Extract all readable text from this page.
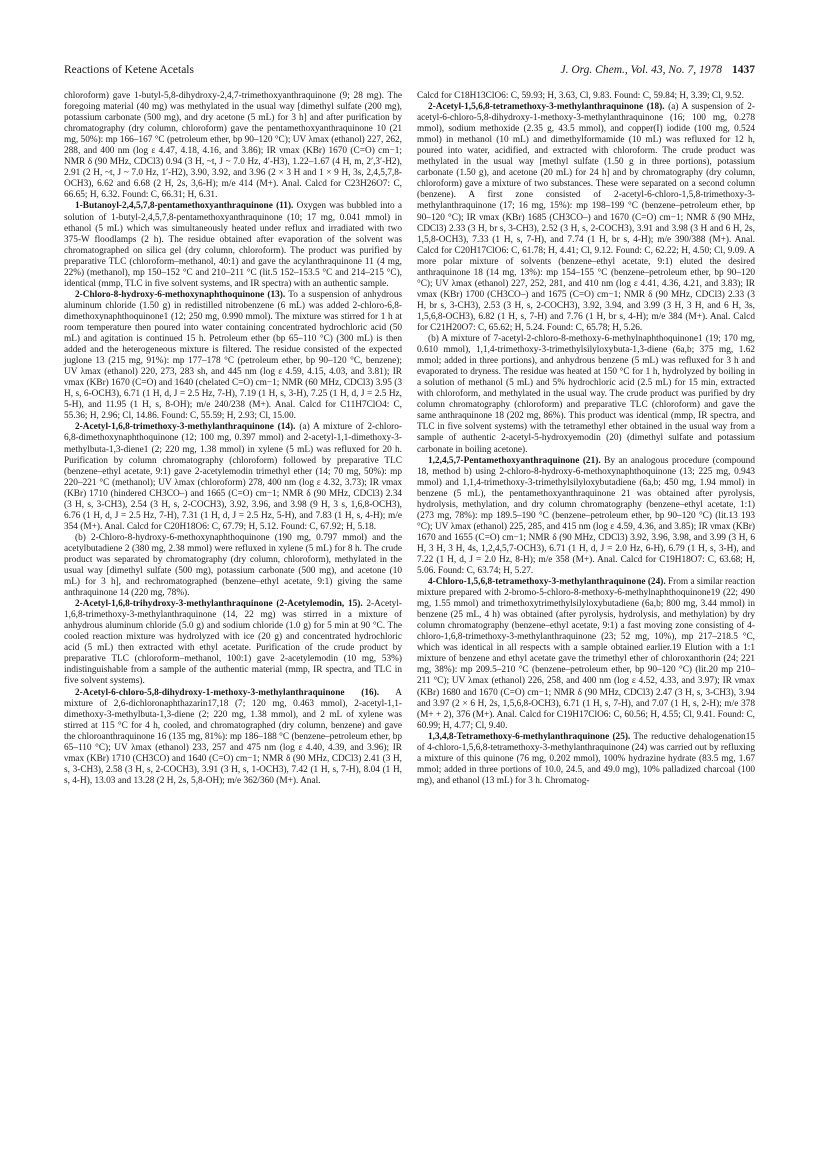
Reactions of Ketene Acetals	J. Org. Chem., Vol. 43, No. 7, 1978 1437

chloroform) gave 1-butyl-5,8-dihydroxy-2,4,7-trimethoxyanthraquinone (9; 28 mg). The foregoing material (40 mg) was methylated in the usual way [dimethyl sulfate (200 mg), potassium carbonate (500 mg), and dry acetone (5 mL) for 3 h] and after purification by chromatography (dry column, chloroform) gave the pentamethoxyanthraquinone 10 (21 mg, 50%): mp 166–167 °C (petroleum ether, bp 90–120 °C); UV λmax (ethanol) 227, 262, 288, and 400 nm (log ε 4.47, 4.18, 4.16, and 3.86); IR νmax (KBr) 1670 (C=O) cm−1; NMR δ (90 MHz, CDCl3) 0.94 (3 H, ~t, J ~ 7.0 Hz, 4′-H3), 1.22–1.67 (4 H, m, 2′,3′-H2), 2.91 (2 H, ~t, J ~ 7.0 Hz, 1′-H2), 3.90, 3.92, and 3.96 (2 × 3 H and 1 × 9 H, 3s, 2,4,5,7,8-OCH3), 6.62 and 6.68 (2 H, 2s, 3,6-H); m/e 414 (M+). Anal. Calcd for C23H26O7: C, 66.65; H, 6.32. Found: C, 66.31; H, 6.31.

1-Butanoyl-2,4,5,7,8-pentamethoxyanthraquinone (11). Oxygen was bubbled into a solution of 1-butyl-2,4,5,7,8-pentamethoxyanthraquinone (10; 17 mg, 0.041 mmol) in ethanol (5 mL) which was simultaneously heated under reflux and irradiated with two 375-W floodlamps (2 h). The residue obtained after evaporation of the solvent was chromatographed on silica gel (dry column, chloroform). The product was purified by preparative TLC (chloroform–methanol, 40:1) and gave the acylanthraquinone 11 (4 mg, 22%) (methanol), mp 150–152 °C and 210–211 °C (lit.5 152–153.5 °C and 214–215 °C), identical (mmp, TLC in five solvent systems, and IR spectra) with an authentic sample.

2-Chloro-8-hydroxy-6-methoxynaphthoquinone (13). To a suspension of anhydrous aluminum chloride (1.50 g) in redistilled nitrobenzene (6 mL) was added 2-chloro-6,8-dimethoxynaphthoquinone1 (12; 250 mg, 0.990 mmol). The mixture was stirred for 1 h at room temperature then poured into water containing concentrated hydrochloric acid (50 mL) and agitation is continued 15 h. Petroleum ether (bp 65–110 °C) (300 mL) is then added and the heterogeneous mixture is filtered. The residue consisted of the expected juglone 13 (215 mg, 91%): mp 177–178 °C (petroleum ether, bp 90–120 °C, benzene); UV λmax (ethanol) 220, 273, 283 sh, and 445 nm (log ε 4.59, 4.15, 4.03, and 3.81); IR νmax (KBr) 1670 (C=O) and 1640 (chelated C=O) cm−1; NMR (60 MHz, CDCl3) 3.95 (3 H, s, 6-OCH3), 6.71 (1 H, d, J = 2.5 Hz, 7-H), 7.19 (1 H, s, 3-H), 7.25 (1 H, d, J = 2.5 Hz, 5-H), and 11.95 (1 H, s, 8-OH); m/e 240/238 (M+). Anal. Calcd for C11H7ClO4: C, 55.36; H, 2.96; Cl, 14.86. Found: C, 55.59; H, 2.93; Cl, 15.00.

2-Acetyl-1,6,8-trimethoxy-3-methylanthraquinone (14). (a) A mixture of 2-chloro-6,8-dimethoxynaphthoquinone (12; 100 mg, 0.397 mmol) and 2-acetyl-1,1-dimethoxy-3-methylbuta-1,3-diene1 (2; 220 mg, 1.38 mmol) in xylene (5 mL) was refluxed for 20 h. Purification by column chromatography (chloroform) followed by preparative TLC (benzene–ethyl acetate, 9:1) gave 2-acetylemodin trimethyl ether (14; 70 mg, 50%): mp 220–221 °C (methanol); UV λmax (chloroform) 278, 400 nm (log ε 4.32, 3.73); IR νmax (KBr) 1710 (hindered CH3CO–) and 1665 (C=O) cm−1; NMR δ (90 MHz, CDCl3) 2.34 (3 H, s, 3-CH3), 2.54 (3 H, s, 2-COCH3), 3.92, 3.96, and 3.98 (9 H, 3 s, 1,6,8-OCH3), 6.76 (1 H, d, J = 2.5 Hz, 7-H), 7.31 (1 H, d, J = 2.5 Hz, 5-H), and 7.83 (1 H, s, 4-H); m/e 354 (M+). Anal. Calcd for C20H18O6: C, 67.79; H, 5.12. Found: C, 67.92; H, 5.18.

(b) 2-Chloro-8-hydroxy-6-methoxynaphthoquinone (190 mg, 0.797 mmol) and the acetylbutadiene 2 (380 mg, 2.38 mmol) were refluxed in xylene (5 mL) for 8 h. The crude product was separated by chromatography (dry column, chloroform), methylated in the usual way [dimethyl sulfate (500 mg), potassium carbonate (500 mg), and acetone (10 mL) for 3 h], and rechromatographed (benzene–ethyl acetate, 9:1) giving the same anthraquinone 14 (220 mg, 78%).

2-Acetyl-1,6,8-trihydroxy-3-methylanthraquinone (2-Acetylemodin, 15). 2-Acetyl-1,6,8-trimethoxy-3-methylanthraquinone (14, 22 mg) was stirred in a mixture of anhydrous aluminum chloride (5.0 g) and sodium chloride (1.0 g) for 5 min at 90 °C. The cooled reaction mixture was hydrolyzed with ice (20 g) and concentrated hydrochloric acid (5 mL) then extracted with ethyl acetate. Purification of the crude product by preparative TLC (chloroform–methanol, 100:1) gave 2-acetylemodin (10 mg, 53%) indistinguishable from a sample of the authentic material (mmp, IR spectra, and TLC in five solvent systems).

2-Acetyl-6-chloro-5,8-dihydroxy-1-methoxy-3-methylanthraquinone (16). A mixture of 2,6-dichloronaphthazarin17,18 (7; 120 mg, 0.463 mmol), 2-acetyl-1,1-dimethoxy-3-methylbuta-1,3-diene (2; 220 mg, 1.38 mmol), and 2 mL of xylene was stirred at 115 °C for 4 h, cooled, and chromatographed (dry column, benzene) and gave the chloroanthraquinone 16 (135 mg, 81%): mp 186–188 °C (benzene–petroleum ether, bp 65–110 °C); UV λmax (ethanol) 233, 257 and 475 nm (log ε 4.40, 4.39, and 3.96); IR νmax (KBr) 1710 (CH3CO) and 1640 (C=O) cm−1; NMR δ (90 MHz, CDCl3) 2.41 (3 H, s, 3-CH3), 2.58 (3 H, s, 2-COCH3), 3.91 (3 H, s, 1-OCH3), 7.42 (1 H, s, 7-H), 8.04 (1 H, s, 4-H), 13.03 and 13.28 (2 H, 2s, 5,8-OH); m/e 362/360 (M+). Anal.

Calcd for C18H13ClO6: C, 59.93; H, 3.63, Cl, 9.83. Found: C, 59.84; H, 3.39; Cl, 9.52.

2-Acetyl-1,5,6,8-tetramethoxy-3-methylanthraquinone (18). (a) A suspension of 2-acetyl-6-chloro-5,8-dihydroxy-1-methoxy-3-methylanthraquinone (16; 100 mg, 0.278 mmol), sodium methoxide (2.35 g, 43.5 mmol), and copper(I) iodide (100 mg, 0.524 mmol) in methanol (10 mL) and dimethylformamide (10 mL) was refluxed for 12 h, poured into water, acidified, and extracted with chloroform. The crude product was methylated in the usual way [methyl sulfate (1.50 g in three portions), potassium carbonate (1.50 g), and acetone (20 mL) for 24 h] and by chromatography (dry column, chloroform) gave a mixture of two substances. These were separated on a second column (benzene). A first zone consisted of 2-acetyl-6-chloro-1,5,8-trimethoxy-3-methylanthraquinone (17; 16 mg, 15%): mp 198–199 °C (benzene–petroleum ether, bp 90–120 °C); IR νmax (KBr) 1685 (CH3CO–) and 1670 (C=O) cm−1; NMR δ (90 MHz, CDCl3) 2.33 (3 H, br s, 3-CH3), 2.52 (3 H, s, 2-COCH3), 3.91 and 3.98 (3 H and 6 H, 2s, 1,5,8-OCH3), 7.33 (1 H, s, 7-H), and 7.74 (1 H, br s, 4-H); m/e 390/388 (M+). Anal. Calcd for C20H17ClO6: C, 61.78; H, 4.41; Cl, 9.12. Found: C, 62.22; H, 4.50; Cl, 9.09. A more polar mixture of solvents (benzene–ethyl acetate, 9:1) eluted the desired anthraquinone 18 (14 mg, 13%): mp 154–155 °C (benzene–petroleum ether, bp 90–120 °C); UV λmax (ethanol) 227, 252, 281, and 410 nm (log ε 4.41, 4.36, 4.21, and 3.83); IR νmax (KBr) 1700 (CH3CO–) and 1675 (C=O) cm−1; NMR δ (90 MHz, CDCl3) 2.33 (3 H, br s, 3-CH3), 2.53 (3 H, s, 2-COCH3), 3.92, 3.94, and 3.99 (3 H, 3 H, and 6 H, 3s, 1,5,6,8-OCH3), 6.82 (1 H, s, 7-H) and 7.76 (1 H, br s, 4-H); m/e 384 (M+). Anal. Calcd for C21H20O7: C, 65.62; H, 5.24. Found: C, 65.78; H, 5.26.

(b) A mixture of 7-acetyl-2-chloro-8-methoxy-6-methylnaphthoquinone1 (19; 170 mg, 0.610 mmol), 1,1,4-trimethoxy-3-trimethylsilyloxybuta-1,3-diene (6a,b; 375 mg, 1.62 mmol; added in three portions), and anhydrous benzene (5 mL) was refluxed for 3 h and evaporated to dryness. The residue was heated at 150 °C for 1 h, hydrolyzed by boiling in a solution of methanol (5 mL) and 5% hydrochloric acid (2.5 mL) for 15 min, extracted with chloroform, and methylated in the usual way. The crude product was purified by dry column chromatography (chloroform) and preparative TLC (chloroform) and gave the same anthraquinone 18 (202 mg, 86%). This product was identical (mmp, IR spectra, and TLC in five solvent systems) with the tetramethyl ether obtained in the usual way from a sample of authentic 2-acetyl-5-hydroxyemodin (20) (dimethyl sulfate and potassium carbonate in boiling acetone).

1,2,4,5,7-Pentamethoxyanthraquinone (21). By an analogous procedure (compound 18, method b) using 2-chloro-8-hydroxy-6-methoxynaphthoquinone (13; 225 mg, 0.943 mmol) and 1,1,4-trimethoxy-3-trimethylsilyloxybutadiene (6a,b; 450 mg, 1.94 mmol) in benzene (5 mL), the pentamethoxyanthraquinone 21 was obtained after pyrolysis, hydrolysis, methylation, and dry column chromatography (benzene–ethyl acetate, 1:1) (273 mg, 78%): mp 189.5–190 °C (benzene–petroleum ether, bp 90–120 °C) (lit.13 193 °C); UV λmax (ethanol) 225, 285, and 415 nm (log ε 4.59, 4.36, and 3.85); IR νmax (KBr) 1670 and 1655 (C=O) cm−1; NMR δ (90 MHz, CDCl3) 3.92, 3.96, 3.98, and 3.99 (3 H, 6 H, 3 H, 3 H, 4s, 1,2,4,5,7-OCH3), 6.71 (1 H, d, J = 2.0 Hz, 6-H), 6.79 (1 H, s, 3-H), and 7.22 (1 H, d, J = 2.0 Hz, 8-H); m/e 358 (M+). Anal. Calcd for C19H18O7: C, 63.68; H, 5.06. Found: C, 63.74; H, 5.27.

4-Chloro-1,5,6,8-tetramethoxy-3-methylanthraquinone (24). From a similar reaction mixture prepared with 2-bromo-5-chloro-8-methoxy-6-methylnaphthoquinone19 (22; 490 mg, 1.55 mmol) and trimethoxytrimethylsilyloxybutadiene (6a,b; 800 mg, 3.44 mmol) in benzene (25 mL, 4 h) was obtained (after pyrolysis, hydrolysis, and methylation) by dry column chromatography (benzene–ethyl acetate, 9:1) a fast moving zone consisting of 4-chloro-1,6,8-trimethoxy-3-methylanthraquinone (23; 52 mg, 10%), mp 217–218.5 °C, which was identical in all respects with a sample obtained earlier.19 Elution with a 1:1 mixture of benzene and ethyl acetate gave the trimethyl ether of chloroxanthorin (24; 221 mg, 38%): mp 209.5–210 °C (benzene–petroleum ether, bp 90–120 °C) (lit.20 mp 210–211 °C); UV λmax (ethanol) 226, 258, and 400 nm (log ε 4.52, 4.33, and 3.97); IR νmax (KBr) 1680 and 1670 (C=O) cm−1; NMR δ (90 MHz, CDCl3) 2.47 (3 H, s, 3-CH3), 3.94 and 3.97 (2 × 6 H, 2s, 1,5,6,8-OCH3), 6.71 (1 H, s, 7-H), and 7.07 (1 H, s, 2-H); m/e 378 (M+ + 2), 376 (M+). Anal. Calcd for C19H17ClO6: C, 60.56; H, 4.55; Cl, 9.41. Found: C, 60.99; H, 4.77; Cl, 9.40.

1,3,4,8-Tetramethoxy-6-methylanthraquinone (25). The reductive dehalogenation15 of 4-chloro-1,5,6,8-tetramethoxy-3-methylanthraquinone (24) was carried out by refluxing a mixture of this quinone (76 mg, 0.202 mmol), 100% hydrazine hydrate (83.5 mg, 1.67 mmol; added in three portions of 10.0, 24.5, and 49.0 mg), 10% palladized charcoal (100 mg), and ethanol (13 mL) for 3 h. Chromatog-
